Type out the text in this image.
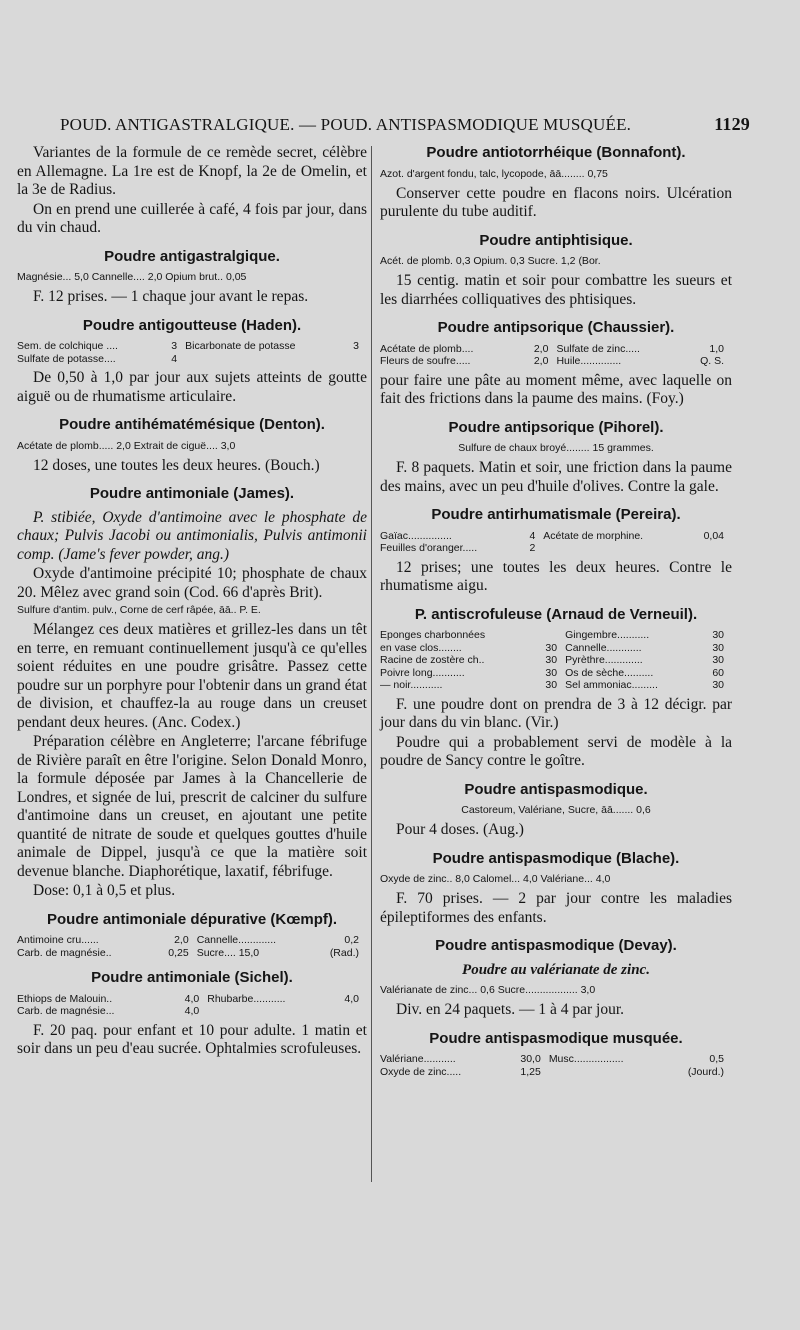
POUD. ANTIGASTRALGIQUE. — POUD. ANTISPASMODIQUE MUSQUÉE.	1129

Variantes de la formule de ce remède secret, célèbre en Allemagne. La 1re est de Knopf, la 2e de Omelin, et la 3e de Radius.

On en prend une cuillerée à café, 4 fois par jour, dans du vin chaud.

Poudre antigastralgique.
Magnésie... 5,0 Cannelle.... 2,0 Opium brut.. 0,05

F. 12 prises. — 1 chaque jour avant le repas.

Poudre antigoutteuse (Haden).
Sem. de colchique ....	3	Bicarbonate de potasse	3
Sulfate de potasse....	4		

De 0,50 à 1,0 par jour aux sujets atteints de goutte aiguë ou de rhumatisme articulaire.

Poudre antihématémésique (Denton).
Acétate de plomb..... 2,0 Extrait de ciguë.... 3,0

12 doses, une toutes les deux heures. (Bouch.)

Poudre antimoniale (James).

P. stibiée, Oxyde d'antimoine avec le phosphate de chaux; Pulvis Jacobi ou antimonialis, Pulvis antimonii comp. (Jame's fever powder, ang.)

Oxyde d'antimoine précipité 10; phosphate de chaux 20. Mêlez avec grand soin (Cod. 66 d'après Brit).

Sulfure d'antim. pulv., Corne de cerf râpée, āā.. P. E.

Mélangez ces deux matières et grillez-les dans un têt en terre, en remuant continuellement jusqu'à ce qu'elles soient réduites en une poudre grisâtre. Passez cette poudre sur un porphyre pour l'obtenir dans un grand état de division, et chauffez-la au rouge dans un creuset pendant deux heures. (Anc. Codex.)

Préparation célèbre en Angleterre; l'arcane fébrifuge de Rivière paraît en être l'origine. Selon Donald Monro, la formule déposée par James à la Chancellerie de Londres, et signée de lui, prescrit de calciner du sulfure d'antimoine dans un creuset, en ajoutant une petite quantité de nitrate de soude et quelques gouttes d'huile animale de Dippel, jusqu'à ce que la matière soit devenue blanche. Diaphorétique, laxatif, fébrifuge.

Dose: 0,1 à 0,5 et plus.

Poudre antimoniale dépurative (Kœmpf).
Antimoine cru......	2,0	Cannelle.............	0,2
Carb. de magnésie..	0,25	Sucre.... 15,0	(Rad.)
Poudre antimoniale (Sichel).
Ethiops de Malouin..	4,0	Rhubarbe...........	4,0
Carb. de magnésie...	4,0		

F. 20 paq. pour enfant et 10 pour adulte. 1 matin et soir dans un peu d'eau sucrée. Ophtalmies scrofuleuses.

Poudre antiotorrhéique (Bonnafont).
Azot. d'argent fondu, talc, lycopode, āā........ 0,75

Conserver cette poudre en flacons noirs. Ulcération purulente du tube auditif.

Poudre antiphtisique.
Acét. de plomb. 0,3 Opium. 0,3 Sucre. 1,2 (Bor.

15 centig. matin et soir pour combattre les sueurs et les diarrhées colliquatives des phtisiques.

Poudre antipsorique (Chaussier).
Acétate de plomb....	2,0	Sulfate de zinc.....	1,0
Fleurs de soufre.....	2,0	Huile..............	Q. S.

pour faire une pâte au moment même, avec laquelle on fait des frictions dans la paume des mains. (Foy.)

Poudre antipsorique (Pihorel).
Sulfure de chaux broyé........ 15 grammes.

F. 8 paquets. Matin et soir, une friction dans la paume des mains, avec un peu d'huile d'olives. Contre la gale.

Poudre antirhumatismale (Pereira).
Gaïac...............	4	Acétate de morphine.	0,04
Feuilles d'oranger.....	2		

12 prises; une toutes les deux heures. Contre le rhumatisme aigu.

P. antiscrofuleuse (Arnaud de Verneuil).
Eponges charbonnées		Gingembre...........	30
en vase clos........	30	Cannelle............	30
Racine de zostère ch..	30	Pyrèthre.............	30
Poivre long...........	30	Os de sèche..........	60
— noir...........	30	Sel ammoniac.........	30

F. une poudre dont on prendra de 3 à 12 décigr. par jour dans du vin blanc. (Vir.)

Poudre qui a probablement servi de modèle à la poudre de Sancy contre le goître.

Poudre antispasmodique.
Castoreum, Valériane, Sucre, āā....... 0,6

Pour 4 doses. (Aug.)

Poudre antispasmodique (Blache).
Oxyde de zinc.. 8,0 Calomel... 4,0 Valériane... 4,0

F. 70 prises. — 2 par jour contre les maladies épileptiformes des enfants.

Poudre antispasmodique (Devay).
Poudre au valérianate de zinc.
Valérianate de zinc... 0,6 Sucre.................. 3,0

Div. en 24 paquets. — 1 à 4 par jour.

Poudre antispasmodique musquée.
Valériane...........	30,0	Musc.................	0,5
Oxyde de zinc.....	1,25		(Jourd.)
